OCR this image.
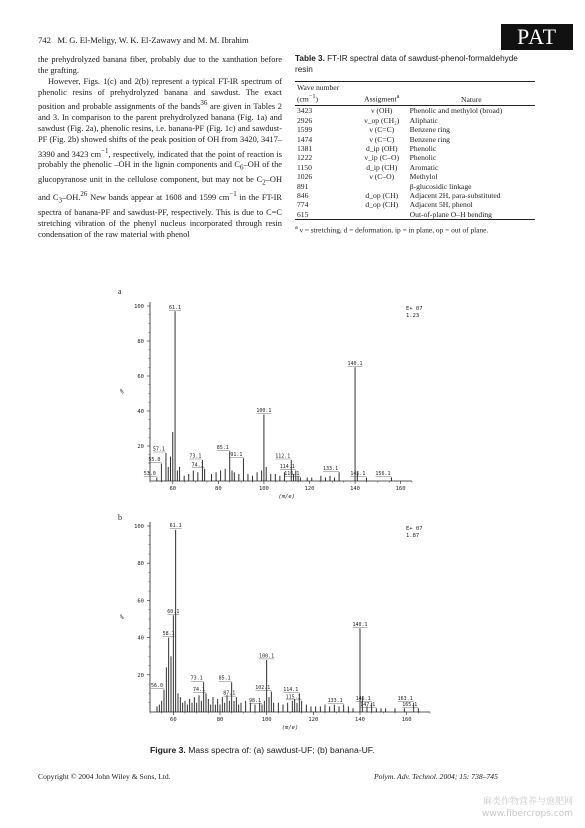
742 M. G. El-Meligy, W. K. El-Zawawy and M. M. Ibrahim	PAT

the prehydrolyzed banana fiber, probably due to the xanthation before the grafting.

However, Figs. 1(c) and 2(b) represent a typical FT-IR spectrum of phenolic resins of prehydrolyzed banana and sawdust. The exact position and probable assignments of the bands$^{36}$ are given in Tables 2 and 3. In comparison to the parent prehydrolyzed banana (Fig. 1a) and sawdust (Fig. 2a), phenolic resins, i.e. banana-PF (Fig. 1c) and sawdust-PF (Fig. 2b) showed shifts of the peak position of OH from 3420, 3417–3390 and 3423 $cm^{-1}$, respectively, indicated that the point of reaction is probably the phenolic –OH in the lignin components and $C_6-OH$ of the glucopyranose unit in the cellulose component, but may not be $C_2-OH$ and $C_3-OH.^{26}$ New bands appear at 1608 and 1599 $cm^{-1}$ in the FT-IR spectra of banana-PF and sawdust-PF, respectively. This is due to C=C stretching vibration of the phenyl nucleus incorporated through resin condensation of the raw material with phenol

Table 3. FT-IR spectral data of sawdust-phenol-formaldehyde resin
Wave number
$(cm^{-1})$	Assigment$^a$	Nature
3423	ν (OH)	Phenolic and methylol (broad)
2926	ν_op (CH₂)	Aliphatic
1599	ν (C=C)	Benzene ring
1474	ν (C=C)	Benzene ring
1381	d_ip (OH)	Phenolic
1222	ν_ip (C–O)	Phenolic
1150	d_ip (CH)	Aromatic
1026	ν (C–O)	Methylol
891		β-glucosidic linkage
846	d_op (CH)	Adjacent 2H, para-substituted
774	d_op (CH)	Adjacent 5H, phenol
615		Out-of-plane O–H bending
$^a$ ν = stretching, d = deformation, ip = in plane, op = out of plane.
a
20
40
60
80
100
60	80	100	120	140	160
%
(m/e)
E+ 07
1.23
53.0
55.0
57.1
61.1
73.1
74.1
85.1
91.1
100.1
112.1
114.1
116.1
133.1
140.1
145.1 156.1
b
20
40
60
80
100
60	80	100	120	140	160
%
(m/e)
E+ 07
1.87
56.0
58.1
60.1
61.1
73.1
74.1
85.1
87.1
98.1
100.1
102.1	114.1
115.1
133.1
140.1
145.1
147.1
163.1
165.1
Figure 3. Mass spectra of: (a) sawdust-UF; (b) banana-UF.
Copyright © 2004 John Wiley & Sons, Ltd.	Polym. Adv. Technol. 2004; 15: 738–745
麻类作物营养与施肥网
www.fibercrops.com
